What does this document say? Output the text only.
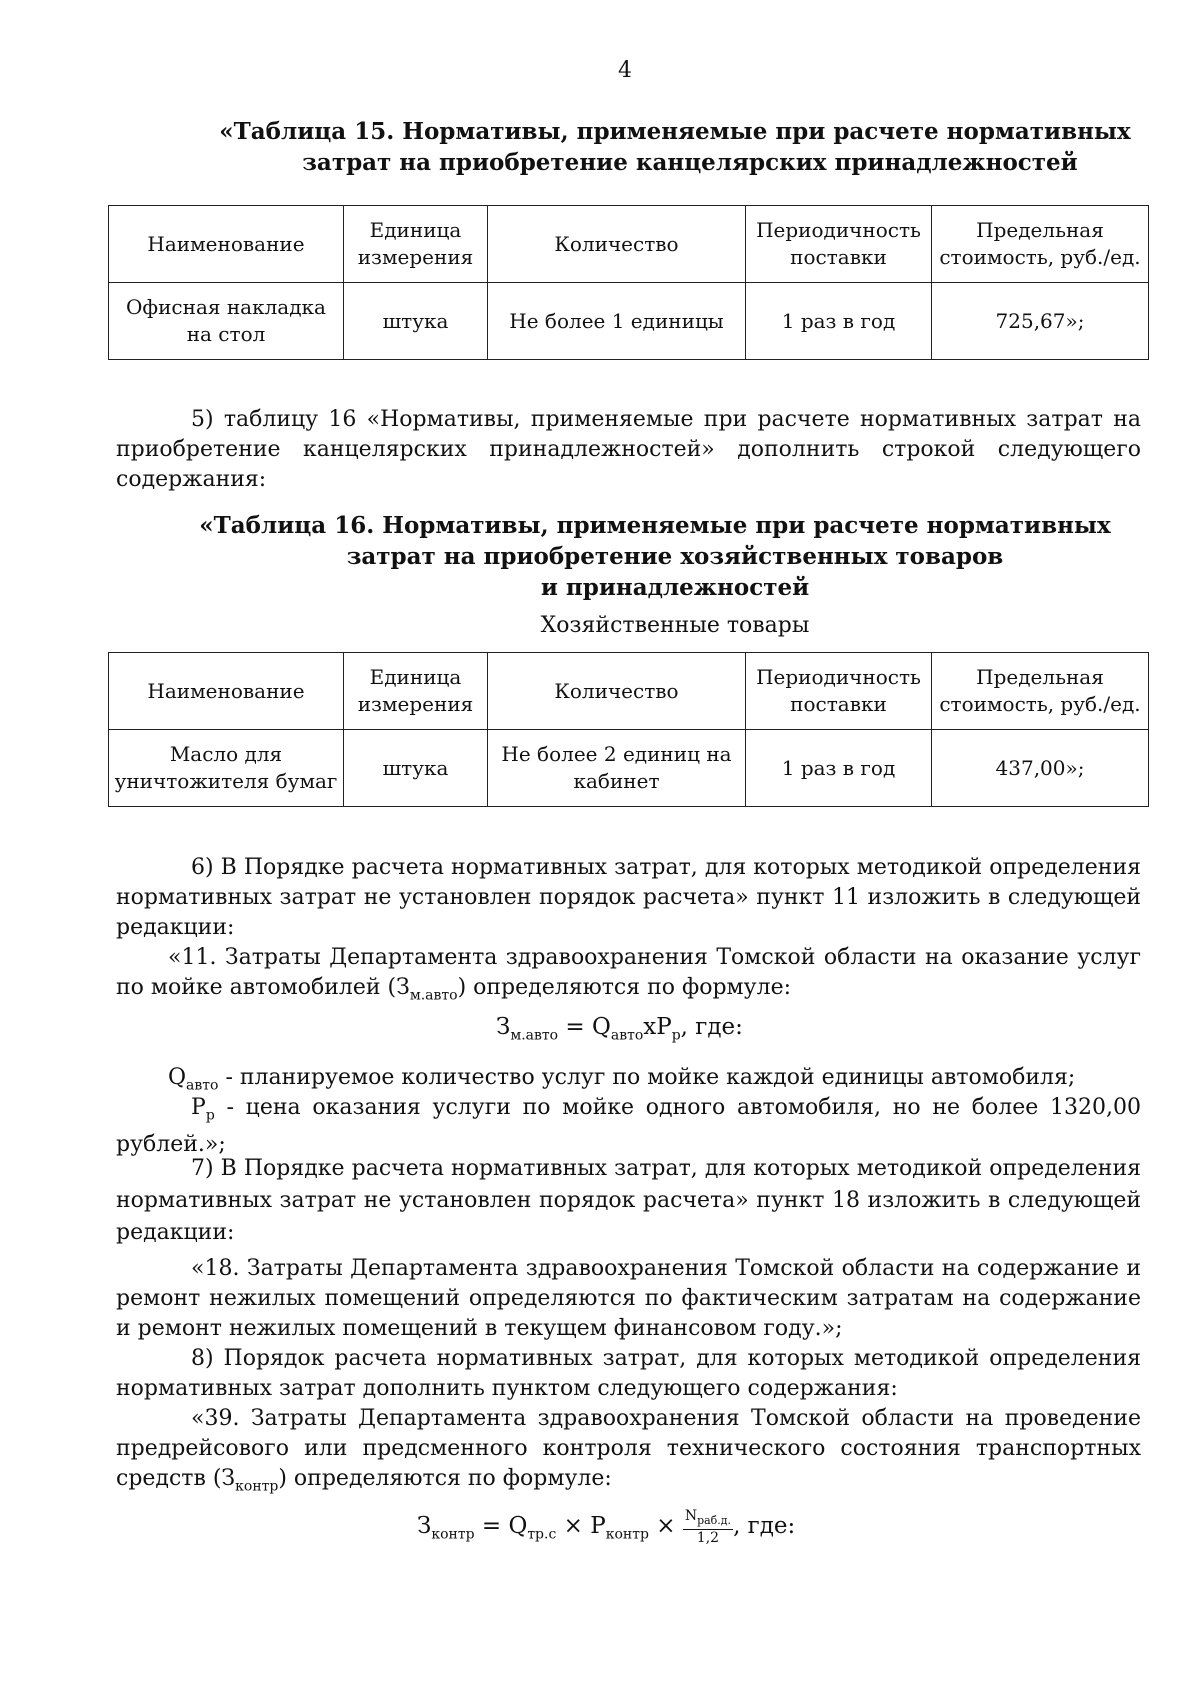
4
«Таблица 15. Нормативы, применяемые при расчете нормативных
затрат на приобретение канцелярских принадлежностей
Наименование	Единица измерения	Количество	Периодичность поставки	Предельная стоимость, руб./ед.
Офисная накладка на стол	штука	Не более 1 единицы	1 раз в год	725,67»;
5) таблицу 16 «Нормативы, применяемые при расчете нормативных затрат на приобретение канцелярских принадлежностей» дополнить строкой следующего содержания:
«Таблица 16. Нормативы, применяемые при расчете нормативных
затрат на приобретение хозяйственных товаров
и принадлежностей
Хозяйственные товары
Наименование	Единица измерения	Количество	Периодичность поставки	Предельная стоимость, руб./ед.
Масло для уничтожителя бумаг	штука	Не более 2 единиц на кабинет	1 раз в год	437,00»;
6) В Порядке расчета нормативных затрат, для которых методикой определения нормативных затрат не установлен порядок расчета» пункт 11 изложить в следующей редакции:
«11. Затраты Департамента здравоохранения Томской области на оказание услуг по мойке автомобилей $(З_{м.авто})$ определяются по формуле:
$З_{м.авто} = Q_{авто}хP_р$, где:
$Q_{авто}$ - планируемое количество услуг по мойке каждой единицы автомобиля;
$P_р$ - цена оказания услуги по мойке одного автомобиля, но не более 1320,00 рублей.»;
7) В Порядке расчета нормативных затрат, для которых методикой определения нормативных затрат не установлен порядок расчета» пункт 18 изложить в следующей редакции:
«18. Затраты Департамента здравоохранения Томской области на содержание и ремонт нежилых помещений определяются по фактическим затратам на содержание и ремонт нежилых помещений в текущем финансовом году.»;
8) Порядок расчета нормативных затрат, для которых методикой определения нормативных затрат дополнить пунктом следующего содержания:
«39. Затраты Департамента здравоохранения Томской области на проведение предрейсового или предсменного контроля технического состояния транспортных средств $(З_{контр})$ определяются по формуле:
$З_{контр} = Q_{тр.с} \times P_{контр} \times \frac{N_{раб.д.}}{1,2}$ , где:
